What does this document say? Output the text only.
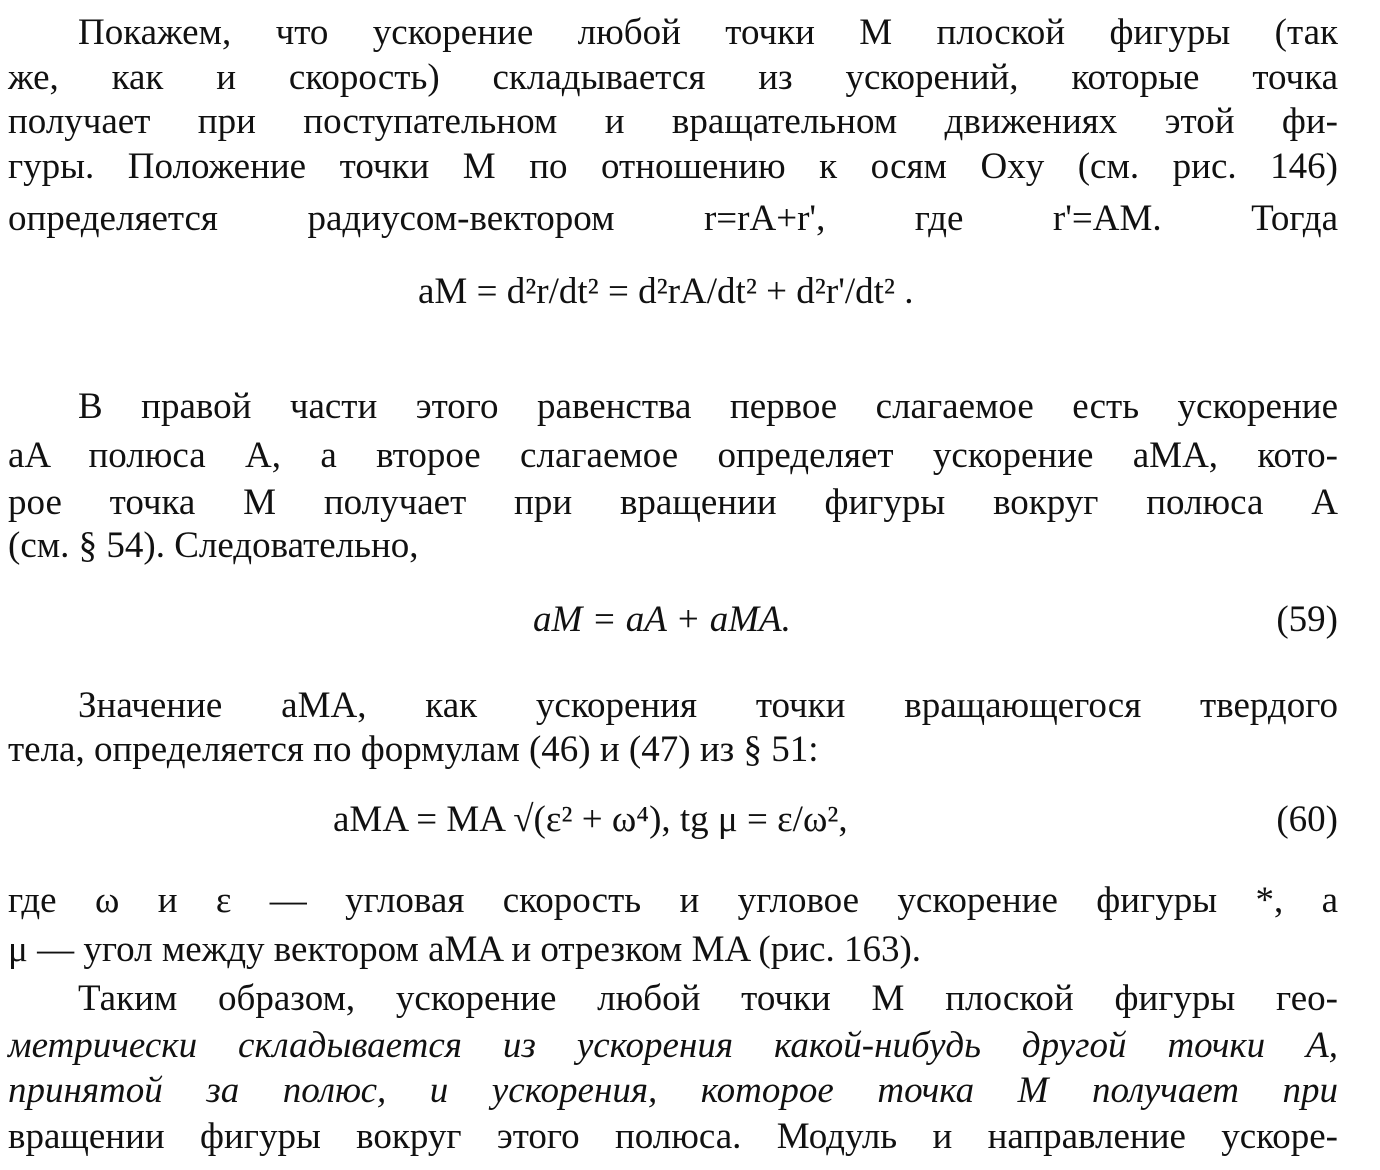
Покажем, что ускорение любой точки M плоской фигуры (так
же, как и скорость) складывается из ускорений, которые точка
получает при поступательном и вращательном движениях этой фи-
гуры. Положение точки M по отношению к осям Oxy (см. рис. 146)
определяется радиусом-вектором r=rA+r', где r'=AM. Тогда
aM = d²r/dt² = d²rA/dt² + d²r'/dt² .
В правой части этого равенства первое слагаемое есть ускорение
aA полюса A, а второе слагаемое определяет ускорение aMA, кото-
рое точка M получает при вращении фигуры вокруг полюса A
(см. § 54). Следовательно,
aM = aA + aMA.	(59)
Значение aMA, как ускорения точки вращающегося твердого
тела, определяется по формулам (46) и (47) из § 51:
aMA = MA √(ε² + ω⁴), tg μ = ε/ω²,	(60)
где ω и ε — угловая скорость и угловое ускорение фигуры *, а
μ — угол между вектором aMA и отрезком MA (рис. 163).
Таким образом, ускорение любой точки M плоской фигуры гео-
метрически складывается из ускорения какой-нибудь другой точки A,
принятой за полюс, и ускорения, которое точка M получает при
вращении фигуры вокруг этого полюса. Модуль и направление ускоре-
